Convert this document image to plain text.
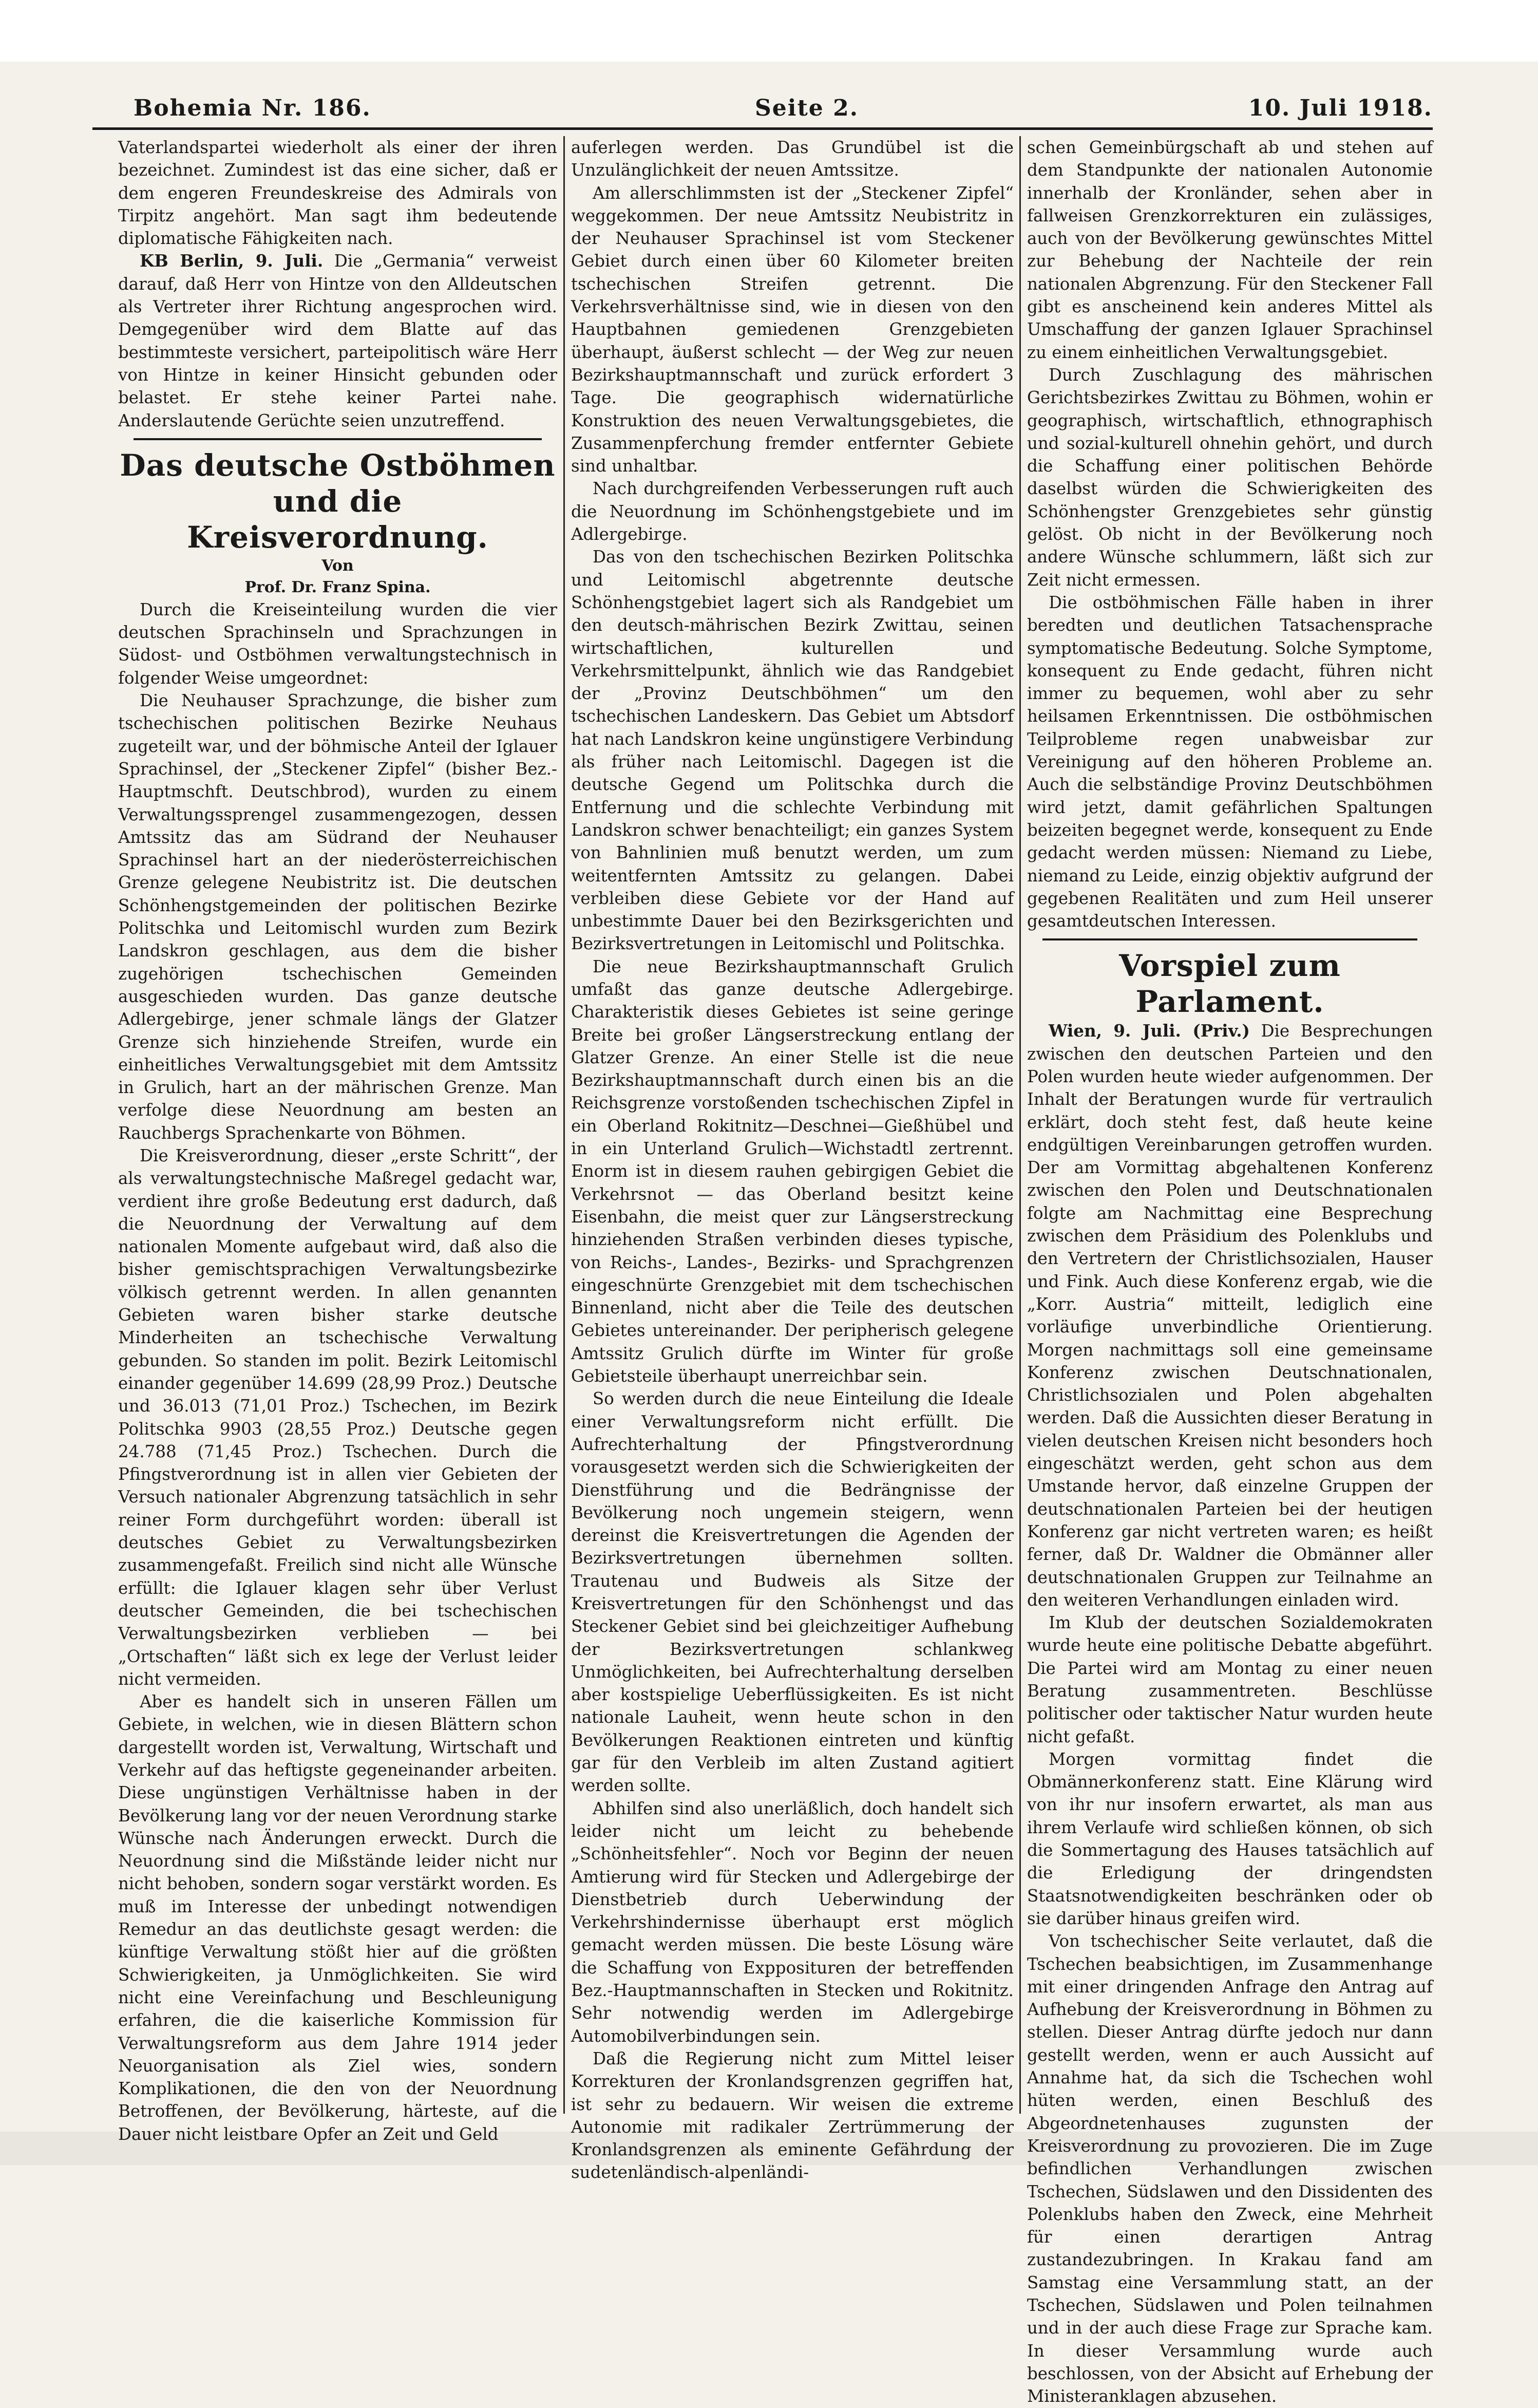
Bohemia Nr. 186.	Seite 2.	10. Juli 1918.

Vaterlandspartei wiederholt als einer der ihren bezeichnet. Zumindest ist das eine sicher, daß er dem engeren Freundeskreise des Admirals von Tirpitz angehört. Man sagt ihm bedeutende diplomatische Fähigkeiten nach.

KB Berlin, 9. Juli. Die „Germania“ verweist darauf, daß Herr von Hintze von den Alldeutschen als Vertreter ihrer Richtung angesprochen wird. Demgegenüber wird dem Blatte auf das bestimmteste versichert, parteipolitisch wäre Herr von Hintze in keiner Hinsicht gebunden oder belastet. Er stehe keiner Partei nahe. Anderslautende Gerüchte seien unzutreffend.

Das deutsche Ostböhmen und die Kreisverordnung.

Von

Prof. Dr. Franz Spina.

Durch die Kreiseinteilung wurden die vier deutschen Sprachinseln und Sprachzungen in Südost- und Ostböhmen verwaltungstechnisch in folgender Weise umgeordnet:

Die Neuhauser Sprachzunge, die bisher zum tschechischen politischen Bezirke Neuhaus zugeteilt war, und der böhmische Anteil der Iglauer Sprachinsel, der „Steckener Zipfel“ (bisher Bez.-Hauptmschft. Deutschbrod), wurden zu einem Verwaltungssprengel zusammengezogen, dessen Amtssitz das am Südrand der Neuhauser Sprachinsel hart an der niederösterreichischen Grenze gelegene Neubistritz ist. Die deutschen Schönhengstgemeinden der politischen Bezirke Politschka und Leitomischl wurden zum Bezirk Landskron geschlagen, aus dem die bisher zugehörigen tschechischen Gemeinden ausgeschieden wurden. Das ganze deutsche Adlergebirge, jener schmale längs der Glatzer Grenze sich hinziehende Streifen, wurde ein einheitliches Verwaltungsgebiet mit dem Amtssitz in Grulich, hart an der mährischen Grenze. Man verfolge diese Neuordnung am besten an Rauchbergs Sprachenkarte von Böhmen.

Die Kreisverordnung, dieser „erste Schritt“, der als verwaltungstechnische Maßregel gedacht war, verdient ihre große Bedeutung erst dadurch, daß die Neuordnung der Verwaltung auf dem nationalen Momente aufgebaut wird, daß also die bisher gemischtsprachigen Verwaltungsbezirke völkisch getrennt werden. In allen genannten Gebieten waren bisher starke deutsche Minderheiten an tschechische Verwaltung gebunden. So standen im polit. Bezirk Leitomischl einander gegenüber 14.699 (28,99 Proz.) Deutsche und 36.013 (71,01 Proz.) Tschechen, im Bezirk Politschka 9903 (28,55 Proz.) Deutsche gegen 24.788 (71,45 Proz.) Tschechen. Durch die Pfingstverordnung ist in allen vier Gebieten der Versuch nationaler Abgrenzung tatsächlich in sehr reiner Form durchgeführt worden: überall ist deutsches Gebiet zu Verwaltungsbezirken zusammengefaßt. Freilich sind nicht alle Wünsche erfüllt: die Iglauer klagen sehr über Verlust deutscher Gemeinden, die bei tschechischen Verwaltungsbezirken verblieben — bei „Ortschaften“ läßt sich ex lege der Verlust leider nicht vermeiden.

Aber es handelt sich in unseren Fällen um Gebiete, in welchen, wie in diesen Blättern schon dargestellt worden ist, Verwaltung, Wirtschaft und Verkehr auf das heftigste gegeneinander arbeiten. Diese ungünstigen Verhältnisse haben in der Bevölkerung lang vor der neuen Verordnung starke Wünsche nach Änderungen erweckt. Durch die Neuordnung sind die Mißstände leider nicht nur nicht behoben, sondern sogar verstärkt worden. Es muß im Interesse der unbedingt notwendigen Remedur an das deutlichste gesagt werden: die künftige Verwaltung stößt hier auf die größten Schwierigkeiten, ja Unmöglichkeiten. Sie wird nicht eine Vereinfachung und Beschleunigung erfahren, die die kaiserliche Kommission für Verwaltungsreform aus dem Jahre 1914 jeder Neuorganisation als Ziel wies, sondern Komplikationen, die den von der Neuordnung Betroffenen, der Bevölkerung, härteste, auf die Dauer nicht leistbare Opfer an Zeit und Geld

auferlegen werden. Das Grundübel ist die Unzulänglichkeit der neuen Amtssitze.

Am allerschlimmsten ist der „Steckener Zipfel“ weggekommen. Der neue Amtssitz Neubistritz in der Neuhauser Sprachinsel ist vom Steckener Gebiet durch einen über 60 Kilometer breiten tschechischen Streifen getrennt. Die Verkehrsverhältnisse sind, wie in diesen von den Hauptbahnen gemiedenen Grenzgebieten überhaupt, äußerst schlecht — der Weg zur neuen Bezirkshauptmannschaft und zurück erfordert 3 Tage. Die geographisch widernatürliche Konstruktion des neuen Verwaltungsgebietes, die Zusammenpferchung fremder entfernter Gebiete sind unhaltbar.

Nach durchgreifenden Verbesserungen ruft auch die Neuordnung im Schönhengstgebiete und im Adlergebirge.

Das von den tschechischen Bezirken Politschka und Leitomischl abgetrennte deutsche Schönhengstgebiet lagert sich als Randgebiet um den deutsch-mährischen Bezirk Zwittau, seinen wirtschaftlichen, kulturellen und Verkehrsmittelpunkt, ähnlich wie das Randgebiet der „Provinz Deutschböhmen“ um den tschechischen Landeskern. Das Gebiet um Abtsdorf hat nach Landskron keine ungünstigere Verbindung als früher nach Leitomischl. Dagegen ist die deutsche Gegend um Politschka durch die Entfernung und die schlechte Verbindung mit Landskron schwer benachteiligt; ein ganzes System von Bahnlinien muß benutzt werden, um zum weitentfernten Amtssitz zu gelangen. Dabei verbleiben diese Gebiete vor der Hand auf unbestimmte Dauer bei den Bezirksgerichten und Bezirksvertretungen in Leitomischl und Politschka.

Die neue Bezirkshauptmannschaft Grulich umfaßt das ganze deutsche Adlergebirge. Charakteristik dieses Gebietes ist seine geringe Breite bei großer Längserstreckung entlang der Glatzer Grenze. An einer Stelle ist die neue Bezirkshauptmannschaft durch einen bis an die Reichsgrenze vorstoßenden tschechischen Zipfel in ein Oberland Rokitnitz—Deschnei—Gießhübel und in ein Unterland Grulich—Wichstadtl zertrennt. Enorm ist in diesem rauhen gebirgigen Gebiet die Verkehrsnot — das Oberland besitzt keine Eisenbahn, die meist quer zur Längserstreckung hinziehenden Straßen verbinden dieses typische, von Reichs-, Landes-, Bezirks- und Sprachgrenzen eingeschnürte Grenzgebiet mit dem tschechischen Binnenland, nicht aber die Teile des deutschen Gebietes untereinander. Der peripherisch gelegene Amtssitz Grulich dürfte im Winter für große Gebietsteile überhaupt unerreichbar sein.

So werden durch die neue Einteilung die Ideale einer Verwaltungsreform nicht erfüllt. Die Aufrechterhaltung der Pfingstverordnung vorausgesetzt werden sich die Schwierigkeiten der Dienstführung und die Bedrängnisse der Bevölkerung noch ungemein steigern, wenn dereinst die Kreisvertretungen die Agenden der Bezirksvertretungen übernehmen sollten. Trautenau und Budweis als Sitze der Kreisvertretungen für den Schönhengst und das Steckener Gebiet sind bei gleichzeitiger Aufhebung der Bezirksvertretungen schlankweg Unmöglichkeiten, bei Aufrechterhaltung derselben aber kostspielige Ueberflüssigkeiten. Es ist nicht nationale Lauheit, wenn heute schon in den Bevölkerungen Reaktionen eintreten und künftig gar für den Verbleib im alten Zustand agitiert werden sollte.

Abhilfen sind also unerläßlich, doch handelt sich leider nicht um leicht zu behebende „Schönheitsfehler“. Noch vor Beginn der neuen Amtierung wird für Stecken und Adlergebirge der Dienstbetrieb durch Ueberwindung der Verkehrshindernisse überhaupt erst möglich gemacht werden müssen. Die beste Lösung wäre die Schaffung von Expposituren der betreffenden Bez.-Hauptmannschaften in Stecken und Rokitnitz. Sehr notwendig werden im Adlergebirge Automobilverbindungen sein.

Daß die Regierung nicht zum Mittel leiser Korrekturen der Kronlandsgrenzen gegriffen hat, ist sehr zu bedauern. Wir weisen die extreme Autonomie mit radikaler Zertrümmerung der Kronlandsgrenzen als eminente Gefährdung der sudetenländisch-alpenländi-

schen Gemeinbürgschaft ab und stehen auf dem Standpunkte der nationalen Autonomie innerhalb der Kronländer, sehen aber in fallweisen Grenzkorrekturen ein zulässiges, auch von der Bevölkerung gewünschtes Mittel zur Behebung der Nachteile der rein nationalen Abgrenzung. Für den Steckener Fall gibt es anscheinend kein anderes Mittel als Umschaffung der ganzen Iglauer Sprachinsel zu einem einheitlichen Verwaltungsgebiet.

Durch Zuschlagung des mährischen Gerichtsbezirkes Zwittau zu Böhmen, wohin er geographisch, wirtschaftlich, ethnographisch und sozial-kulturell ohnehin gehört, und durch die Schaffung einer politischen Behörde daselbst würden die Schwierigkeiten des Schönhengster Grenzgebietes sehr günstig gelöst. Ob nicht in der Bevölkerung noch andere Wünsche schlummern, läßt sich zur Zeit nicht ermessen.

Die ostböhmischen Fälle haben in ihrer beredten und deutlichen Tatsachensprache symptomatische Bedeutung. Solche Symptome, konsequent zu Ende gedacht, führen nicht immer zu bequemen, wohl aber zu sehr heilsamen Erkenntnissen. Die ostböhmischen Teilprobleme regen unabweisbar zur Vereinigung auf den höheren Probleme an. Auch die selbständige Provinz Deutschböhmen wird jetzt, damit gefährlichen Spaltungen beizeiten begegnet werde, konsequent zu Ende gedacht werden müssen: Niemand zu Liebe, niemand zu Leide, einzig objektiv aufgrund der gegebenen Realitäten und zum Heil unserer gesamtdeutschen Interessen.

Vorspiel zum Parlament.

Wien, 9. Juli. (Priv.) Die Besprechungen zwischen den deutschen Parteien und den Polen wurden heute wieder aufgenommen. Der Inhalt der Beratungen wurde für vertraulich erklärt, doch steht fest, daß heute keine endgültigen Vereinbarungen getroffen wurden. Der am Vormittag abgehaltenen Konferenz zwischen den Polen und Deutschnationalen folgte am Nachmittag eine Besprechung zwischen dem Präsidium des Polenklubs und den Vertretern der Christlichsozialen, Hauser und Fink. Auch diese Konferenz ergab, wie die „Korr. Austria“ mitteilt, lediglich eine vorläufige unverbindliche Orientierung. Morgen nachmittags soll eine gemeinsame Konferenz zwischen Deutschnationalen, Christlichsozialen und Polen abgehalten werden. Daß die Aussichten dieser Beratung in vielen deutschen Kreisen nicht besonders hoch eingeschätzt werden, geht schon aus dem Umstande hervor, daß einzelne Gruppen der deutschnationalen Parteien bei der heutigen Konferenz gar nicht vertreten waren; es heißt ferner, daß Dr. Waldner die Obmänner aller deutschnationalen Gruppen zur Teilnahme an den weiteren Verhandlungen einladen wird.

Im Klub der deutschen Sozialdemokraten wurde heute eine politische Debatte abgeführt. Die Partei wird am Montag zu einer neuen Beratung zusammentreten. Beschlüsse politischer oder taktischer Natur wurden heute nicht gefaßt.

Morgen vormittag findet die Obmännerkonferenz statt. Eine Klärung wird von ihr nur insofern erwartet, als man aus ihrem Verlaufe wird schließen können, ob sich die Sommertagung des Hauses tatsächlich auf die Erledigung der dringendsten Staatsnotwendigkeiten beschränken oder ob sie darüber hinaus greifen wird.

Von tschechischer Seite verlautet, daß die Tschechen beabsichtigen, im Zusammenhange mit einer dringenden Anfrage den Antrag auf Aufhebung der Kreisverordnung in Böhmen zu stellen. Dieser Antrag dürfte jedoch nur dann gestellt werden, wenn er auch Aussicht auf Annahme hat, da sich die Tschechen wohl hüten werden, einen Beschluß des Abgeordnetenhauses zugunsten der Kreisverordnung zu provozieren. Die im Zuge befindlichen Verhandlungen zwischen Tschechen, Südslawen und den Dissidenten des Polenklubs haben den Zweck, eine Mehrheit für einen derartigen Antrag zustandezubringen. In Krakau fand am Samstag eine Versammlung statt, an der Tschechen, Südslawen und Polen teilnahmen und in der auch diese Frage zur Sprache kam. In dieser Versammlung wurde auch beschlossen, von der Absicht auf Erhebung der Ministeranklagen abzusehen.
